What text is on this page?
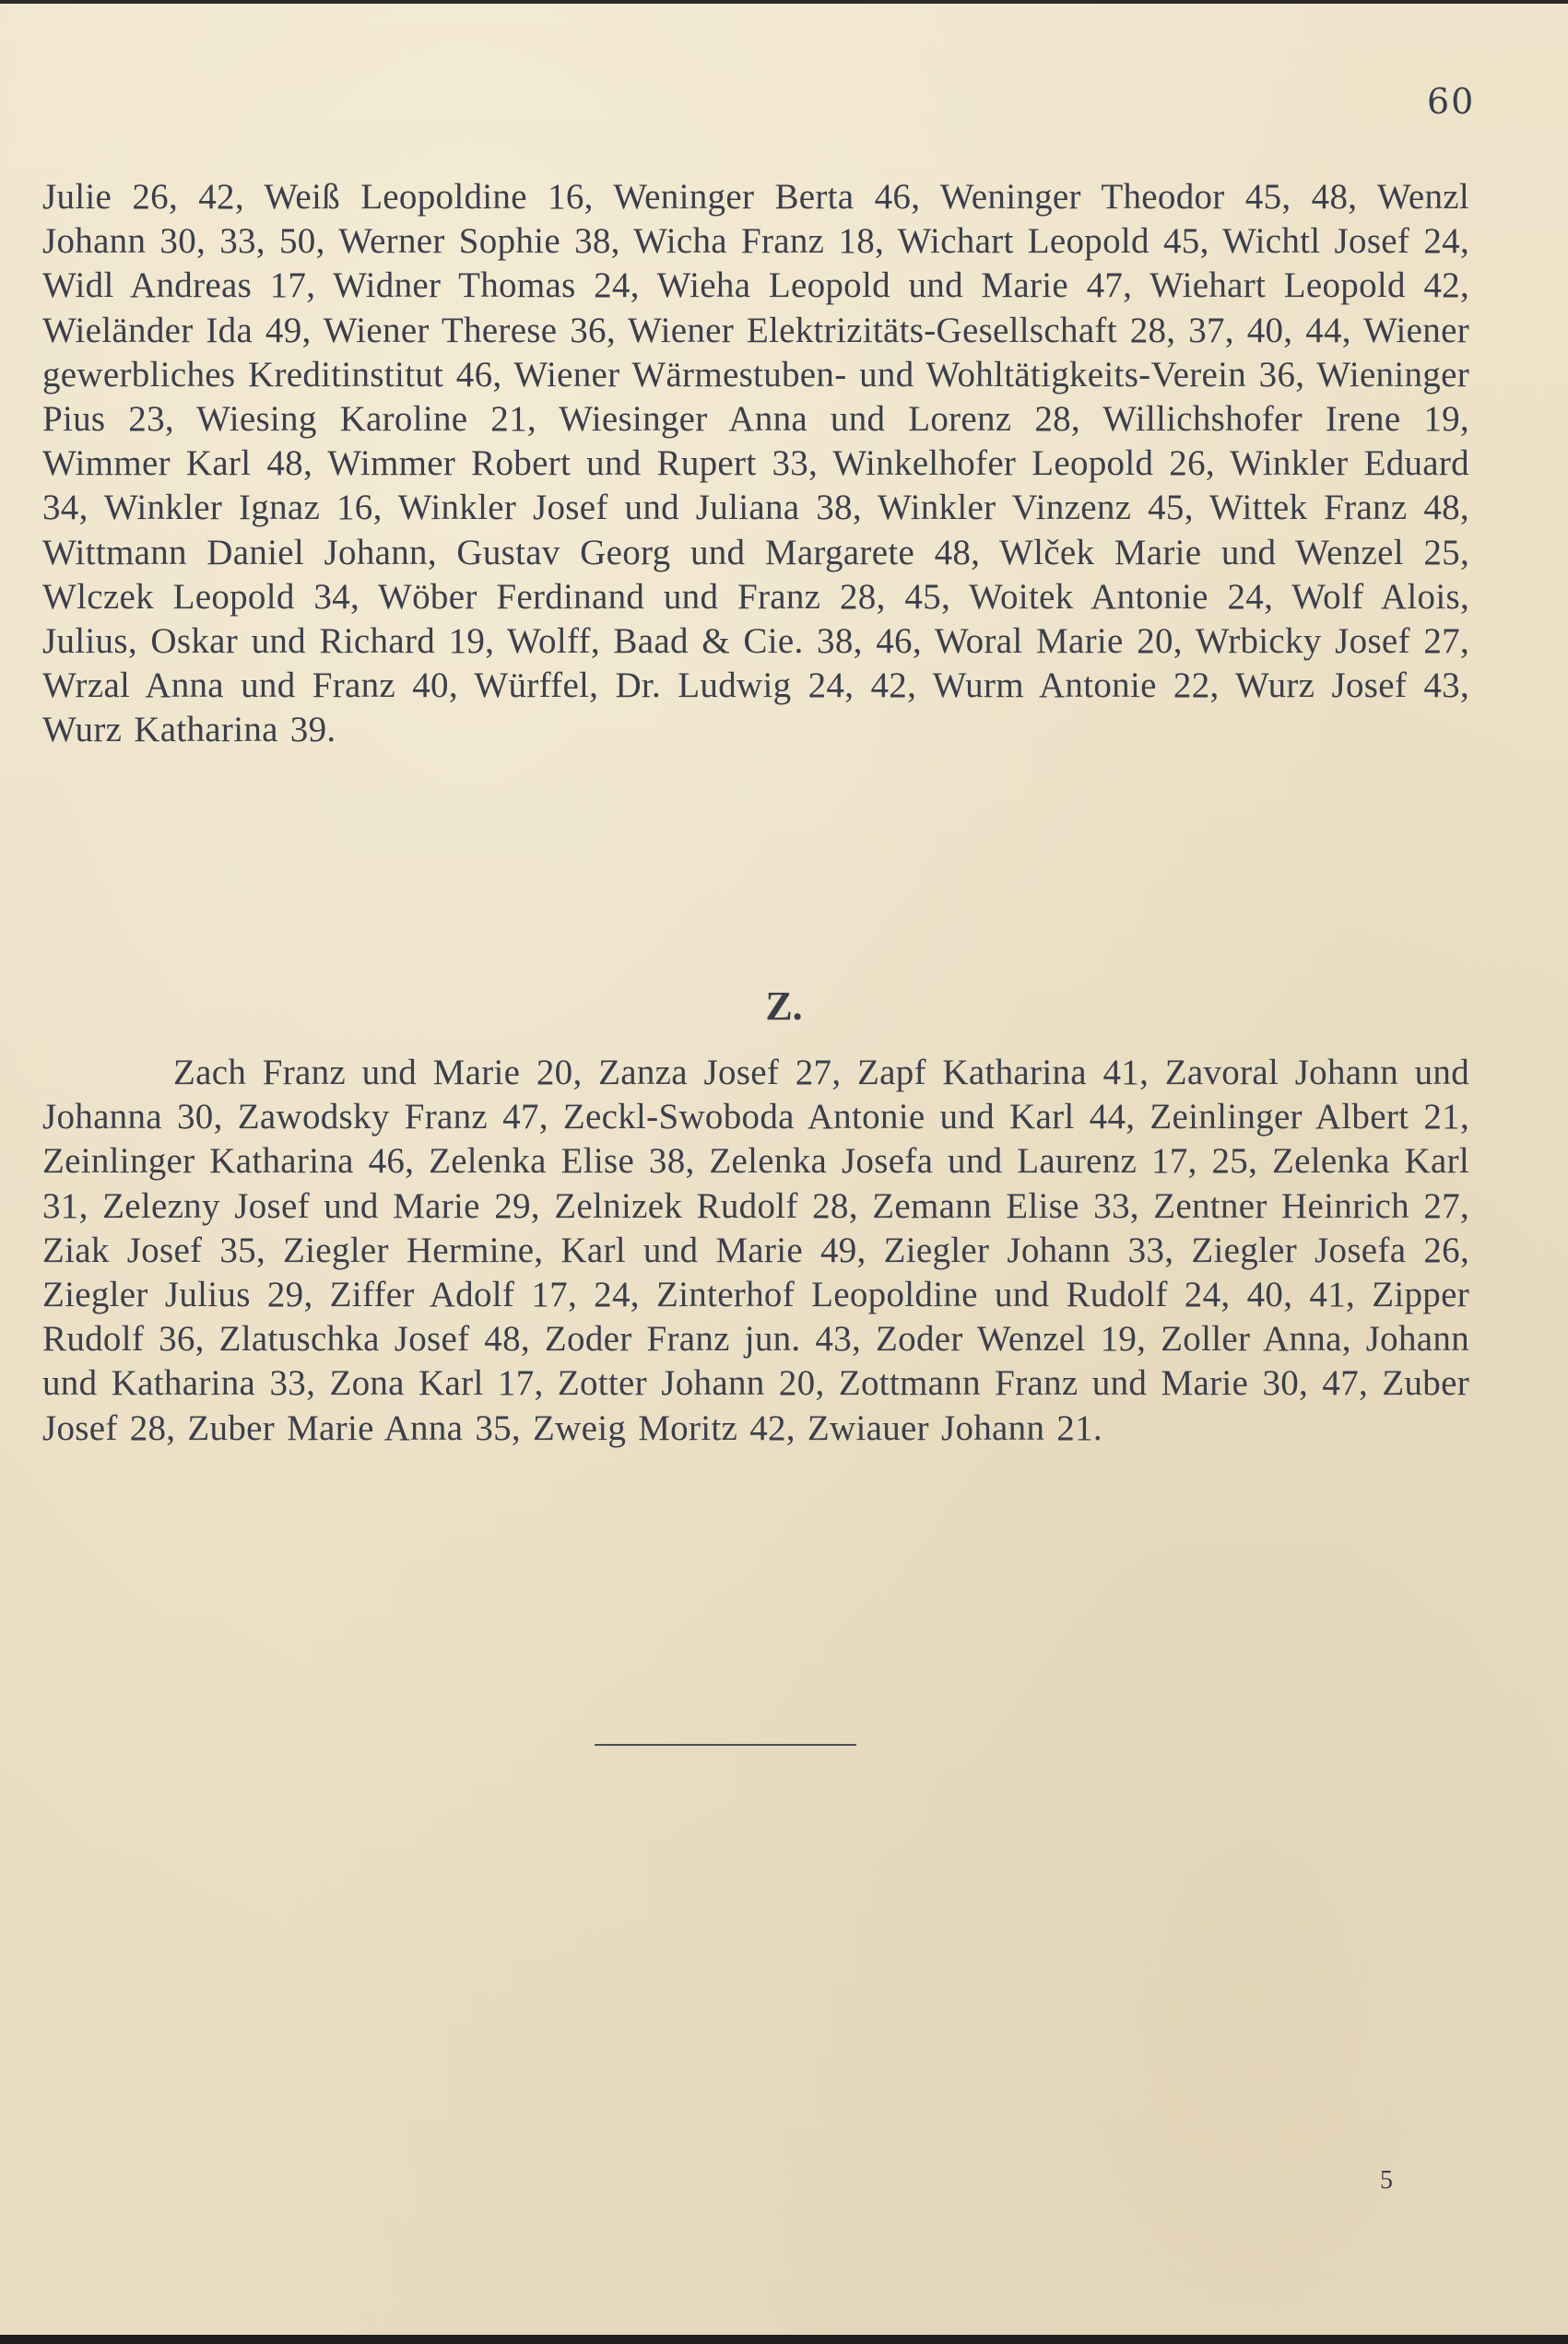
60

Julie 26, 42, Weiß Leopoldine 16, Weninger Berta 46, Weninger Theodor 45, 48, Wenzl Johann 30, 33, 50, Werner Sophie 38, Wicha Franz 18, Wichart Leopold 45, Wichtl Josef 24, Widl Andreas 17, Widner Thomas 24, Wieha Leopold und Marie 47, Wiehart Leopold 42, Wieländer Ida 49, Wiener Therese 36, Wiener Elektrizitäts-Gesellschaft 28, 37, 40, 44, Wiener gewerbliches Kreditinstitut 46, Wiener Wärmestuben- und Wohltätigkeits-Verein 36, Wieninger Pius 23, Wiesing Karoline 21, Wiesinger Anna und Lorenz 28, Willichshofer Irene 19, Wimmer Karl 48, Wimmer Robert und Rupert 33, Winkelhofer Leopold 26, Winkler Eduard 34, Winkler Ignaz 16, Winkler Josef und Juliana 38, Winkler Vinzenz 45, Wittek Franz 48, Wittmann Daniel Johann, Gustav Georg und Margarete 48, Wlček Marie und Wenzel 25, Wlczek Leopold 34, Wöber Ferdinand und Franz 28, 45, Woitek Antonie 24, Wolf Alois, Julius, Oskar und Richard 19, Wolff, Baad & Cie. 38, 46, Woral Marie 20, Wrbicky Josef 27, Wrzal Anna und Franz 40, Würffel, Dr. Ludwig 24, 42, Wurm Antonie 22, Wurz Josef 43, Wurz Katharina 39.

Z.

Zach Franz und Marie 20, Zanza Josef 27, Zapf Katharina 41, Zavoral Johann und Johanna 30, Zawodsky Franz 47, Zeckl-Swoboda Antonie und Karl 44, Zeinlinger Albert 21, Zeinlinger Katharina 46, Zelenka Elise 38, Zelenka Josefa und Laurenz 17, 25, Zelenka Karl 31, Zelezny Josef und Marie 29, Zelnizek Rudolf 28, Zemann Elise 33, Zentner Heinrich 27, Ziak Josef 35, Ziegler Hermine, Karl und Marie 49, Ziegler Johann 33, Ziegler Josefa 26, Ziegler Julius 29, Ziffer Adolf 17, 24, Zinterhof Leopoldine und Rudolf 24, 40, 41, Zipper Rudolf 36, Zlatuschka Josef 48, Zoder Franz jun. 43, Zoder Wenzel 19, Zoller Anna, Johann und Katharina 33, Zona Karl 17, Zotter Johann 20, Zottmann Franz und Marie 30, 47, Zuber Josef 28, Zuber Marie Anna 35, Zweig Moritz 42, Zwiauer Johann 21.

5
